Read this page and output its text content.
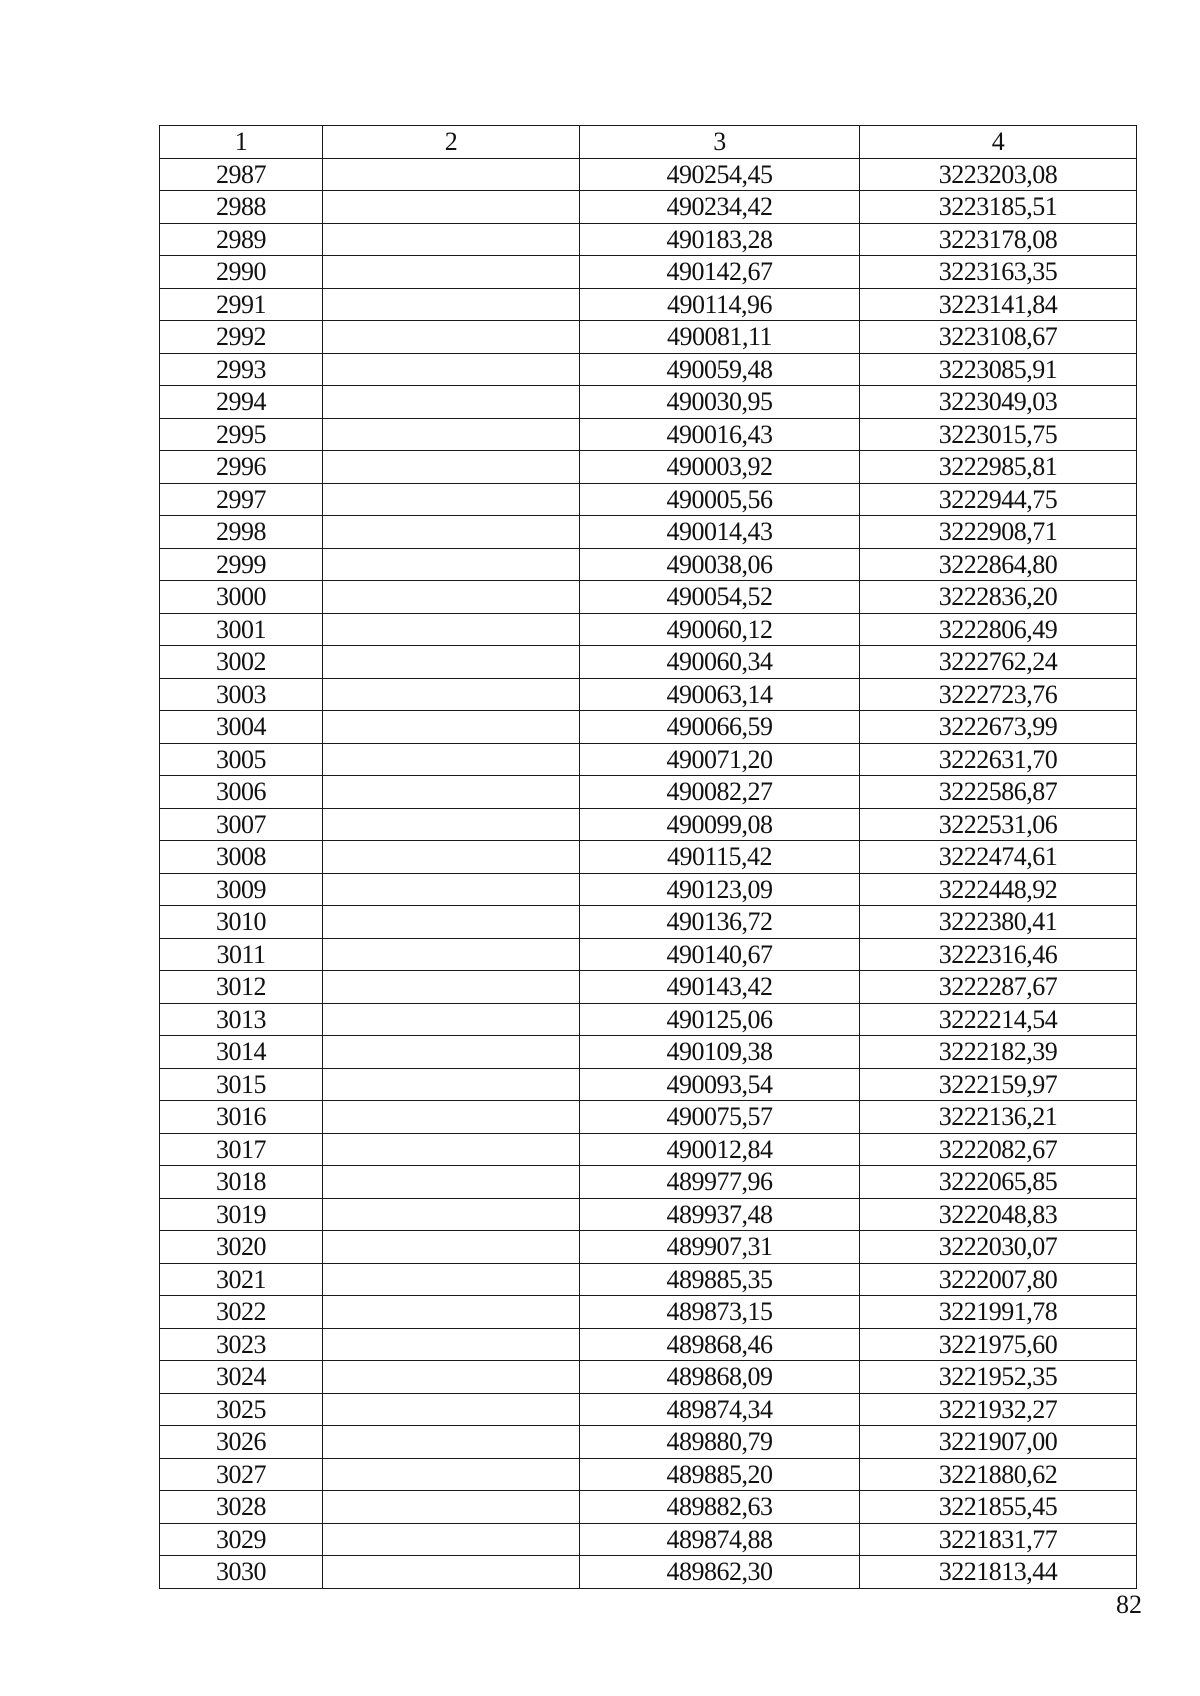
1	2	3	4
2987		490254,45	3223203,08
2988		490234,42	3223185,51
2989		490183,28	3223178,08
2990		490142,67	3223163,35
2991		490114,96	3223141,84
2992		490081,11	3223108,67
2993		490059,48	3223085,91
2994		490030,95	3223049,03
2995		490016,43	3223015,75
2996		490003,92	3222985,81
2997		490005,56	3222944,75
2998		490014,43	3222908,71
2999		490038,06	3222864,80
3000		490054,52	3222836,20
3001		490060,12	3222806,49
3002		490060,34	3222762,24
3003		490063,14	3222723,76
3004		490066,59	3222673,99
3005		490071,20	3222631,70
3006		490082,27	3222586,87
3007		490099,08	3222531,06
3008		490115,42	3222474,61
3009		490123,09	3222448,92
3010		490136,72	3222380,41
3011		490140,67	3222316,46
3012		490143,42	3222287,67
3013		490125,06	3222214,54
3014		490109,38	3222182,39
3015		490093,54	3222159,97
3016		490075,57	3222136,21
3017		490012,84	3222082,67
3018		489977,96	3222065,85
3019		489937,48	3222048,83
3020		489907,31	3222030,07
3021		489885,35	3222007,80
3022		489873,15	3221991,78
3023		489868,46	3221975,60
3024		489868,09	3221952,35
3025		489874,34	3221932,27
3026		489880,79	3221907,00
3027		489885,20	3221880,62
3028		489882,63	3221855,45
3029		489874,88	3221831,77
3030		489862,30	3221813,44
82
